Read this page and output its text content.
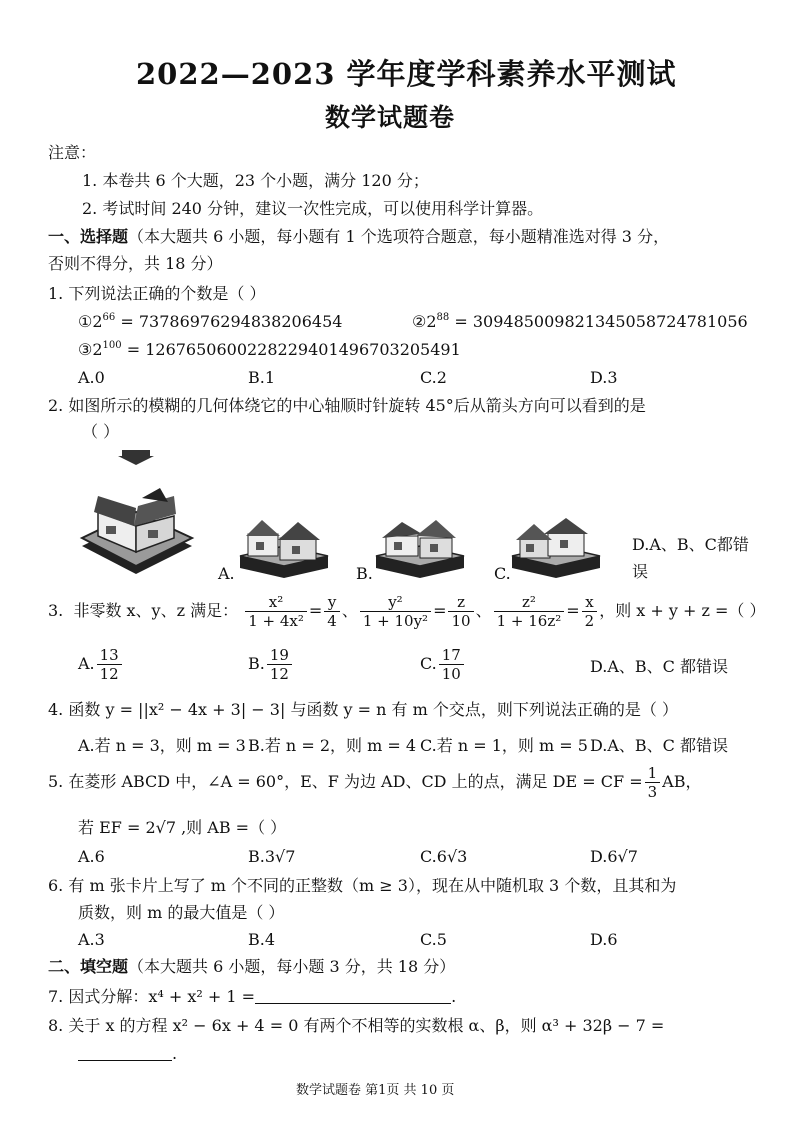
2022—2023 学年度学科素养水平测试
数学试题卷
注意：
1. 本卷共 6 个大题，23 个小题，满分 120 分；
2. 考试时间 240 分钟，建议一次性完成，可以使用科学计算器。
一、选择题（本大题共 6 小题，每小题有 1 个选项符合题意，每小题精准选对得 3 分，
否则不得分，共 18 分）
1. 下列说法正确的个数是（ ）
$①2^{66} = 73786976294838206454$	$②2^{88} = 309485009821345058724781056$
$③2^{100} = 1267650600228229401496703205491$
A.0	B.1	C.2	D.3
2. 如图所示的模糊的几何体绕它的中心轴顺时针旋转 45°后从箭头方向可以看到的是
（ ）
A.	B.	C.
D.A、B、C都错
误
3. 非零数 x、y、z 满足： $\frac{\text{x²}}{\text{1 + 4x²}} = \frac{y}{4}$ 、 $\frac{\text{y²}}{\text{1 + 10y²}} = \frac{z}{10}$ 、 $\frac{\text{z²}}{\text{1 + 16z²}} = \frac{x}{2}$ ，则 x + y + z =（ ）
A. $\frac{13}{12}$	B. $\frac{19}{12}$	C. $\frac{17}{10}$	D.A、B、C 都错误
4. 函数 y = ||x² − 4x + 3| − 3| 与函数 y = n 有 m 个交点，则下列说法正确的是（ ）
A.若 n = 3，则 m = 3 B.若 n = 2，则 m = 4 C.若 n = 1，则 m = 5 D.A、B、C 都错误
5. 在菱形 ABCD 中，∠A = 60°，E、F 为边 AD、CD 上的点，满足 DE = CF = $\frac{1}{3}$ AB，
若 EF = 2√7 ,则 AB =（ ）
A.6	B.3√7	C.6√3	D.6√7
6. 有 m 张卡片上写了 m 个不同的正整数（m ≥ 3），现在从中随机取 3 个数，且其和为
质数，则 m 的最大值是（ ）
A.3	B.4	C.5	D.6
二、填空题（本大题共 6 小题，每小题 3 分，共 18 分）
7. 因式分解：x⁴ + x² + 1 =	.
8. 关于 x 的方程 x² − 6x + 4 = 0 有两个不相等的实数根 α、β，则 α³ + 32β − 7 =
.
数学试题卷 第1页 共 10 页
